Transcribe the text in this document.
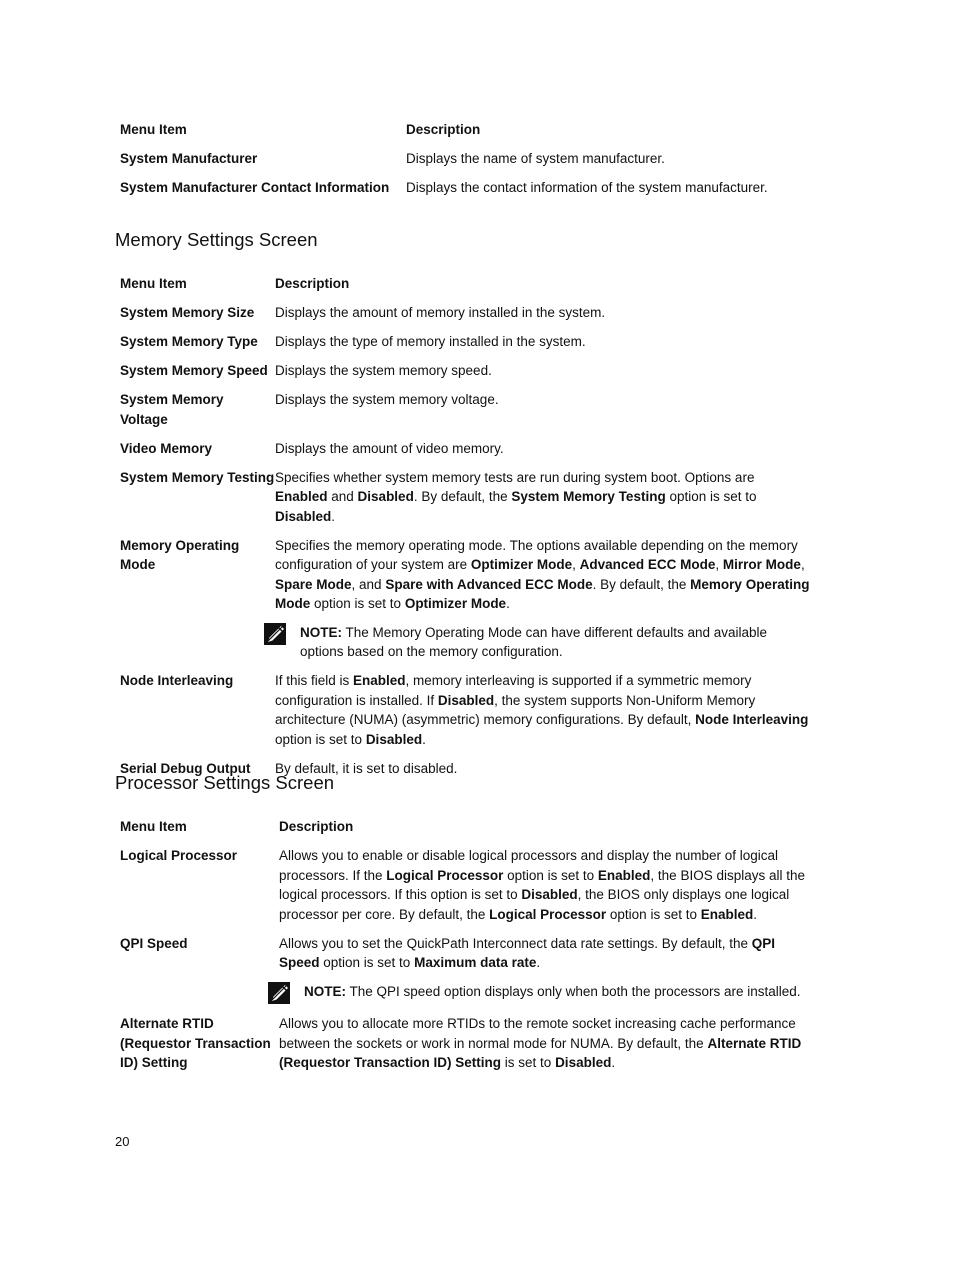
Menu Item	Description
System Manufacturer	Displays the name of system manufacturer.
System Manufacturer Contact Information	Displays the contact information of the system manufacturer.
Memory Settings Screen
Menu Item	Description
System Memory Size	Displays the amount of memory installed in the system.
System Memory Type	Displays the type of memory installed in the system.
System Memory Speed	Displays the system memory speed.
System Memory Voltage	Displays the system memory voltage.
Video Memory	Displays the amount of video memory.
System Memory Testing	Specifies whether system memory tests are run during system boot. Options are Enabled and Disabled. By default, the System Memory Testing option is set to Disabled.
Memory Operating Mode	Specifies the memory operating mode. The options available depending on the memory configuration of your system are Optimizer Mode, Advanced ECC Mode, Mirror Mode, Spare Mode, and Spare with Advanced ECC Mode. By default, the Memory Operating Mode option is set to Optimizer Mode.
NOTE: The Memory Operating Mode can have different defaults and available options based on the memory configuration.

Node Interleaving	If this field is Enabled, memory interleaving is supported if a symmetric memory configuration is installed. If Disabled, the system supports Non-Uniform Memory architecture (NUMA) (asymmetric) memory configurations. By default, Node Interleaving option is set to Disabled.
Serial Debug Output	By default, it is set to disabled.
Processor Settings Screen
Menu Item	Description
Logical Processor	Allows you to enable or disable logical processors and display the number of logical processors. If the Logical Processor option is set to Enabled, the BIOS displays all the logical processors. If this option is set to Disabled, the BIOS only displays one logical processor per core. By default, the Logical Processor option is set to Enabled.
QPI Speed	Allows you to set the QuickPath Interconnect data rate settings. By default, the QPI Speed option is set to Maximum data rate.
NOTE: The QPI speed option displays only when both the processors are installed.

Alternate RTID (Requestor Transaction ID) Setting	Allows you to allocate more RTIDs to the remote socket increasing cache performance between the sockets or work in normal mode for NUMA. By default, the Alternate RTID (Requestor Transaction ID) Setting is set to Disabled.
20
